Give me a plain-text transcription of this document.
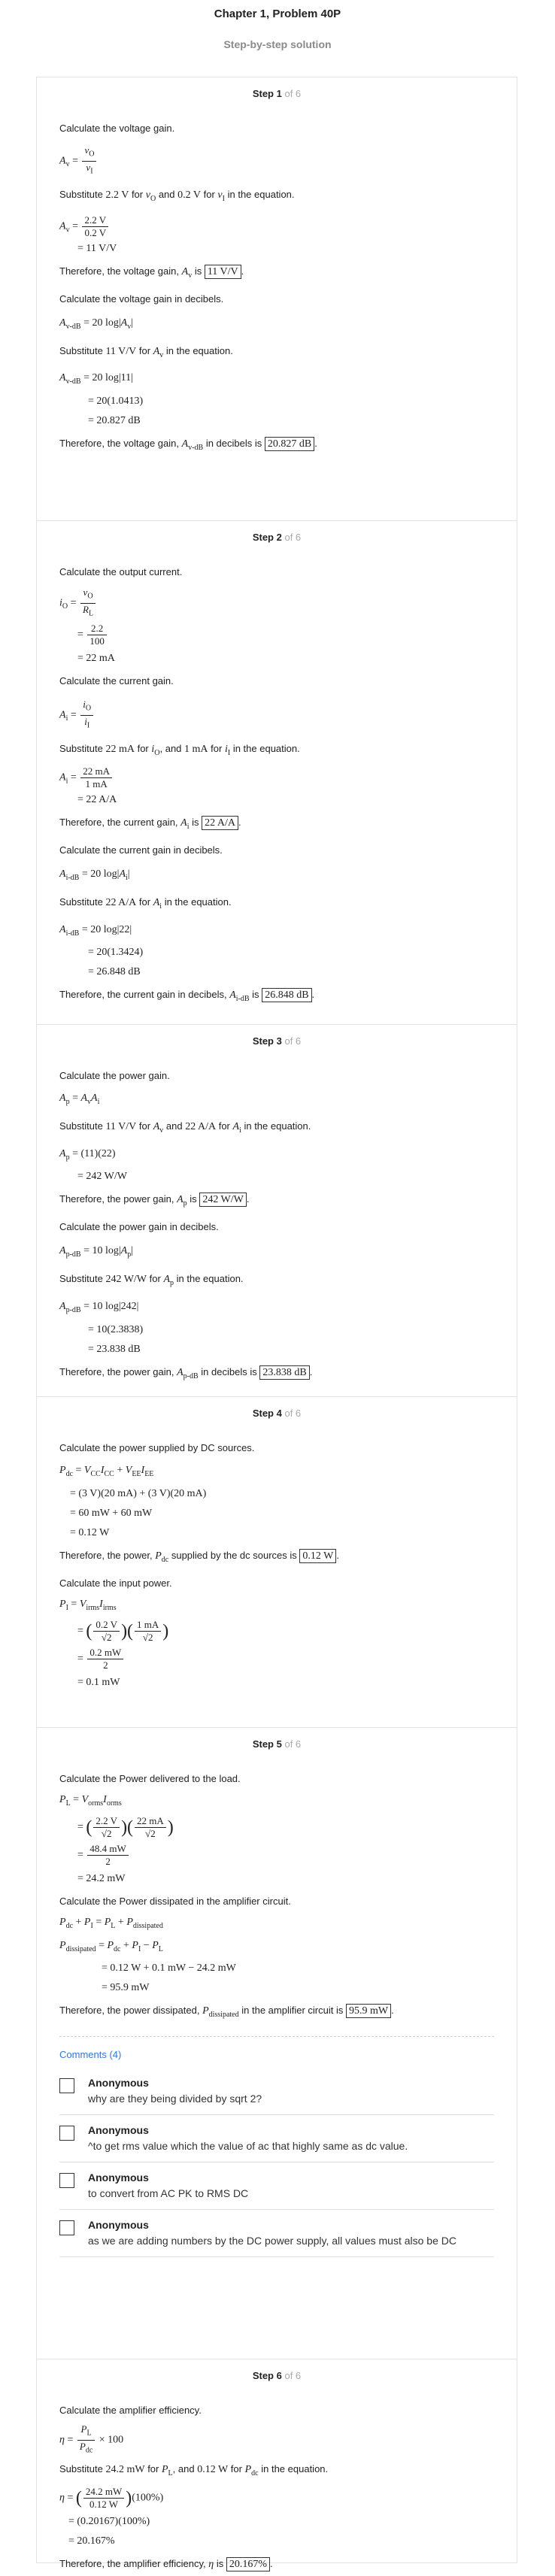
Chapter 1, Problem 40P
Step-by-step solution
Step 1 of 6
Calculate the voltage gain.
$A_v = \frac{v_O}{v_I}$
Substitute 2.2 V for $v_O$ and 0.2 V for $v_I$ in the equation.
$A_v = \frac{2.2 V}{0.2 V}$
= 11 V/V
Therefore, the voltage gain, $A_v$ is 11 V/V .
Calculate the voltage gain in decibels.
$A_{v-dB} = 20$ $\log|A_v|$
Substitute 11 V/V for $A_v$ in the equation.
$A_{v-dB} = 20$ log|11|
= 20(1.0413)
= 20.827 dB
Therefore, the voltage gain, $A_{v-dB}$ in decibels is 20.827 dB .
Step 2 of 6
Calculate the output current.
$i_O = \frac{v_O}{R_L}$
= $\frac{2.2}{100}$
= 22 mA
Calculate the current gain.
$A_i = \frac{i_O}{i_I}$
Substitute 22 mA for $i_O$, and 1 mA for $i_I$ in the equation.
$A_i = \frac{22 mA}{1 mA}$
= 22 A/A
Therefore, the current gain, $A_i$ is 22 A/A .
Calculate the current gain in decibels.
$A_{i-dB} = 20$ $\log|A_i|$
Substitute 22 A/A for $A_i$ in the equation.
$A_{i-dB} = 20$ log|22|
= 20(1.3424)
= 26.848 dB
Therefore, the current gain in decibels, $A_{i-dB}$ is 26.848 dB .
Step 3 of 6
Calculate the power gain.
$A_p = A_vA_i$
Substitute 11 V/V for $A_v$ and 22 A/A for $A_i$ in the equation.
$A_p = (11)(22)$
= 242 W/W
Therefore, the power gain, $A_p$ is 242 W/W .
Calculate the power gain in decibels.
$A_{p-dB} = 10$ $\log|A_p|$
Substitute 242 W/W for $A_p$ in the equation.
$A_{p-dB} = 10$ log|242|
= 10(2.3838)
= 23.838 dB
Therefore, the power gain, $A_{p-dB}$ in decibels is 23.838 dB .
Step 4 of 6
Calculate the power supplied by DC sources.
$P_{dc} = V_{CC}I_{CC} + V_{EE}I_{EE}$
= (3 V)(20 mA) + (3 V)(20 mA)
= 60 mW + 60 mW
= 0.12 W
Therefore, the power, $P_{dc}$ supplied by the dc sources is 0.12 W .
Calculate the input power.
$P_I = V_{irms}I_{irms}$
= ( $\frac{0.2 V}{√2}$ )( $\frac{1 mA}{√2}$ )
= $\frac{0.2 mW}{2}$
= 0.1 mW
Step 5 of 6
Calculate the Power delivered to the load.
$P_L = V_{orms}I_{orms}$
= ( $\frac{2.2 V}{√2}$ )( $\frac{22 mA}{√2}$ )
= $\frac{48.4 mW}{2}$
= 24.2 mW
Calculate the Power dissipated in the amplifier circuit.
$P_{dc} + P_I = P_L + P_{dissipated}$
$P_{dissipated} = P_{dc} + P_I - P_L$
= 0.12 W + 0.1 mW − 24.2 mW
= 95.9 mW
Therefore, the power dissipated, $P_{dissipated}$ in the amplifier circuit is 95.9 mW .
Comments (4)
Anonymous
why are they being divided by sqrt 2?
Anonymous
^to get rms value which the value of ac that highly same as dc value.
Anonymous
to convert from AC PK to RMS DC
Anonymous
as we are adding numbers by the DC power supply, all values must also be DC
Step 6 of 6
Calculate the amplifier efficiency.
$\eta = \frac{P_L}{P_{dc}} \times 100$
Substitute 24.2 mW for $P_L$, and 0.12 W for $P_{dc}$ in the equation.
η = ( $\frac{24.2 mW}{0.12 W} )(100\%)$
= (0.20167)(100%)
= 20.167%
Therefore, the amplifier efficiency, η is 20.167% .
